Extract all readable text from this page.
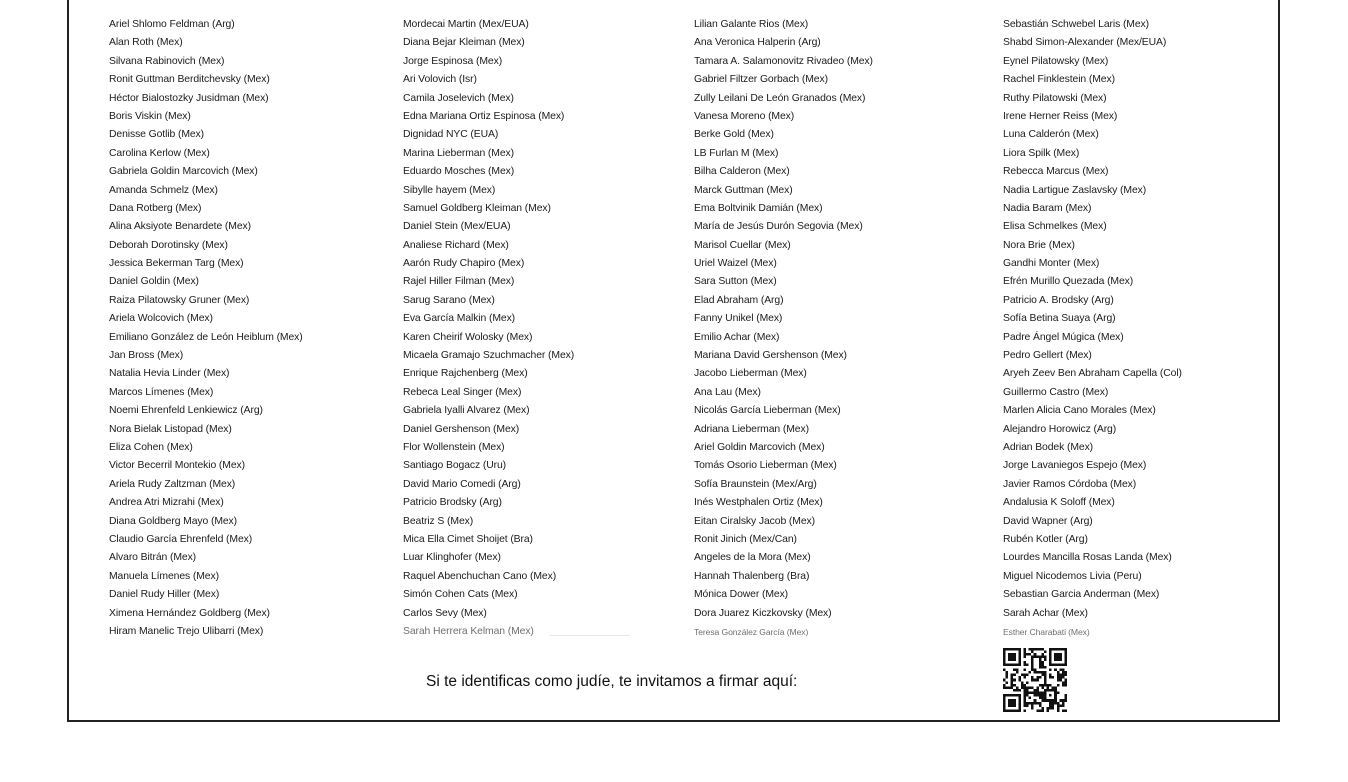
Ariel Shlomo Feldman (Arg)
Alan Roth (Mex)
Silvana Rabinovich (Mex)
Ronit Guttman Berditchevsky (Mex)
Héctor Bialostozky Jusidman (Mex)
Boris Viskin (Mex)
Denisse Gotlib (Mex)
Carolina Kerlow (Mex)
Gabriela Goldin Marcovich (Mex)
Amanda Schmelz (Mex)
Dana Rotberg (Mex)
Alina Aksiyote Benardete (Mex)
Deborah Dorotinsky (Mex)
Jessica Bekerman Targ (Mex)
Daniel Goldin (Mex)
Raiza Pilatowsky Gruner (Mex)
Ariela Wolcovich (Mex)
Emiliano González de León Heiblum (Mex)
Jan Bross (Mex)
Natalia Hevia Linder (Mex)
Marcos Límenes (Mex)
Noemi Ehrenfeld Lenkiewicz (Arg)
Nora Bielak Listopad (Mex)
Eliza Cohen (Mex)
Victor Becerril Montekio (Mex)
Ariela Rudy Zaltzman (Mex)
Andrea Atri Mizrahi (Mex)
Diana Goldberg Mayo (Mex)
Claudio García Ehrenfeld (Mex)
Alvaro Bitrán (Mex)
Manuela Límenes (Mex)
Daniel Rudy Hiller (Mex)
Ximena Hernández Goldberg (Mex)
Hiram Manelic Trejo Ulibarri (Mex)
Mordecai Martin (Mex/EUA)
Diana Bejar Kleiman (Mex)
Jorge Espinosa (Mex)
Ari Volovich (Isr)
Camila Joselevich (Mex)
Edna Mariana Ortiz Espinosa (Mex)
Dignidad NYC (EUA)
Marina Lieberman (Mex)
Eduardo Mosches (Mex)
Sibylle hayem (Mex)
Samuel Goldberg Kleiman (Mex)
Daniel Stein (Mex/EUA)
Analiese Richard (Mex)
Aarón Rudy Chapiro (Mex)
Rajel Hiller Filman (Mex)
Sarug Sarano (Mex)
Eva García Malkin (Mex)
Karen Cheirif Wolosky (Mex)
Micaela Gramajo Szuchmacher (Mex)
Enrique Rajchenberg (Mex)
Rebeca Leal Singer (Mex)
Gabriela Iyalli Alvarez (Mex)
Daniel Gershenson (Mex)
Flor Wollenstein (Mex)
Santiago Bogacz (Uru)
David Mario Comedi (Arg)
Patricio Brodsky (Arg)
Beatriz S (Mex)
Mica Ella Cimet Shoijet (Bra)
Luar Klinghofer (Mex)
Raquel Abenchuchan Cano (Mex)
Simón Cohen Cats (Mex)
Carlos Sevy (Mex)
Sarah Herrera Kelman (Mex)
Lilian Galante Rios (Mex)
Ana Veronica Halperin (Arg)
Tamara A. Salamonovitz Rivadeo (Mex)
Gabriel Filtzer Gorbach (Mex)
Zully Leilani De León Granados (Mex)
Vanesa Moreno (Mex)
Berke Gold (Mex)
LB Furlan M (Mex)
Bilha Calderon (Mex)
Marck Guttman (Mex)
Ema Boltvinik Damián (Mex)
María de Jesús Durón Segovia (Mex)
Marisol Cuellar (Mex)
Uriel Waizel (Mex)
Sara Sutton (Mex)
Elad Abraham (Arg)
Fanny Unikel (Mex)
Emilio Achar (Mex)
Mariana David Gershenson (Mex)
Jacobo Lieberman (Mex)
Ana Lau (Mex)
Nicolás García Lieberman (Mex)
Adriana Lieberman (Mex)
Ariel Goldin Marcovich (Mex)
Tomás Osorio Lieberman (Mex)
Sofía Braunstein (Mex/Arg)
Inés Westphalen Ortiz (Mex)
Eitan Ciralsky Jacob (Mex)
Ronit Jinich (Mex/Can)
Angeles de la Mora (Mex)
Hannah Thalenberg (Bra)
Mónica Dower (Mex)
Dora Juarez Kiczkovsky (Mex)
Teresa González García (Mex)
Sebastián Schwebel Laris (Mex)
Shabd Simon-Alexander (Mex/EUA)
Eynel Pilatowsky (Mex)
Rachel Finklestein (Mex)
Ruthy Pilatowski (Mex)
Irene Herner Reiss (Mex)
Luna Calderón (Mex)
Liora Spilk (Mex)
Rebecca Marcus (Mex)
Nadia Lartigue Zaslavsky (Mex)
Nadia Baram (Mex)
Elisa Schmelkes (Mex)
Nora Brie (Mex)
Gandhi Monter (Mex)
Efrén Murillo Quezada (Mex)
Patricio A. Brodsky (Arg)
Sofía Betina Suaya (Arg)
Padre Ángel Múgica (Mex)
Pedro Gellert (Mex)
Aryeh Zeev Ben Abraham Capella (Col)
Guillermo Castro (Mex)
Marlen Alicia Cano Morales (Mex)
Alejandro Horowicz (Arg)
Adrian Bodek (Mex)
Jorge Lavaniegos Espejo (Mex)
Javier Ramos Córdoba (Mex)
Andalusia K Soloff (Mex)
David Wapner (Arg)
Rubén Kotler (Arg)
Lourdes Mancilla Rosas Landa (Mex)
Miguel Nicodemos Livia (Peru)
Sebastian Garcia Anderman (Mex)
Sarah Achar (Mex)
Esther Charabati (Mex)
Si te identificas como judíe, te invitamos a firmar aquí:
